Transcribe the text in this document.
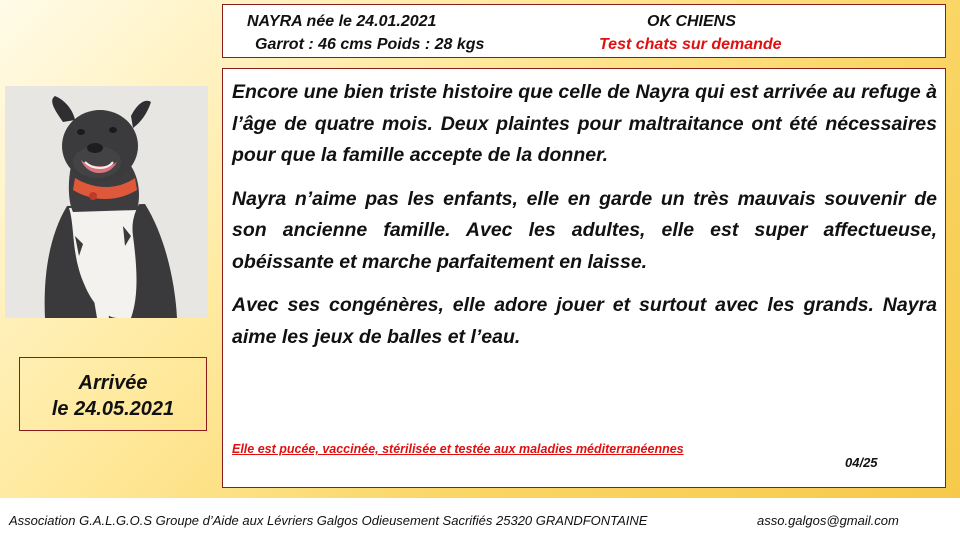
NAYRA née le 24.01.2021	OK CHIENS
Garrot : 46 cms Poids : 28 kgs	Test chats sur demande
Arrivée
le 24.05.2021

Encore une bien triste histoire que celle de Nayra qui est arrivée au refuge à l’âge de quatre mois. Deux plaintes pour maltraitance ont été nécessaires pour que la famille accepte de la donner.

Nayra n’aime pas les enfants, elle en garde un très mauvais souvenir de son ancienne famille. Avec les adultes, elle est super affectueuse, obéissante et marche parfaitement en laisse.

Avec ses congénères, elle adore jouer et surtout avec les grands. Nayra aime les jeux de balles et l’eau.

Elle est pucée, vaccinée, stérilisée et testée aux maladies méditerranéennes
04/25
Association G.A.L.G.O.S Groupe d’Aide aux Lévriers Galgos Odieusement Sacrifiés 25320 GRANDFONTAINE	asso.galgos@gmail.com
